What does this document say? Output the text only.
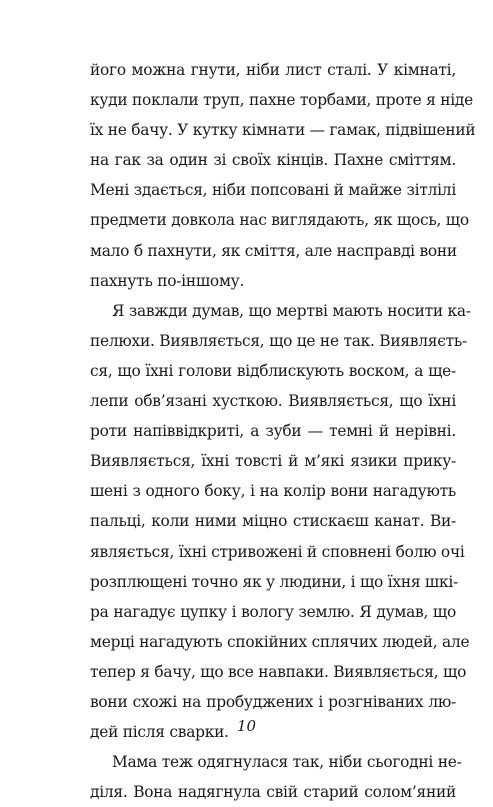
його можна гнути, ніби лист сталі. У кімнаті,
куди поклали труп, пахне торбами, проте я ніде
їх не бачу. У кутку кімнати — гамак, підвішений
на гак за один зі своїх кінців. Пахне сміттям.
Мені здається, ніби попсовані й майже зітлілі
предмети довкола нас виглядають, як щось, що
мало б пахнути, як сміття, але насправді вони
пахнуть по-іншому.
Я завжди думав, що мертві мають носити ка-
пелюхи. Виявляється, що це не так. Виявляєть-
ся, що їхні голови відблискують воском, а ще-
лепи обв’язані хусткою. Виявляється, що їхні
роти напіввідкриті, а зуби — темні й нерівні.
Виявляється, їхні товсті й м’які язики прику-
шені з одного боку, і на колір вони нагадують
пальці, коли ними міцно стискаєш канат. Ви-
являється, їхні стривожені й сповнені болю очі
розплющені точно як у людини, і що їхня шкі-
ра нагадує цупку і вологу землю. Я думав, що
мерці нагадують спокійних сплячих людей, але
тепер я бачу, що все навпаки. Виявляється, що
вони схожі на пробуджених і розгніваних лю-
дей після сварки.
Мама теж одягнулася так, ніби сьогодні не-
діля. Вона надягнула свій старий солом’яний
10
